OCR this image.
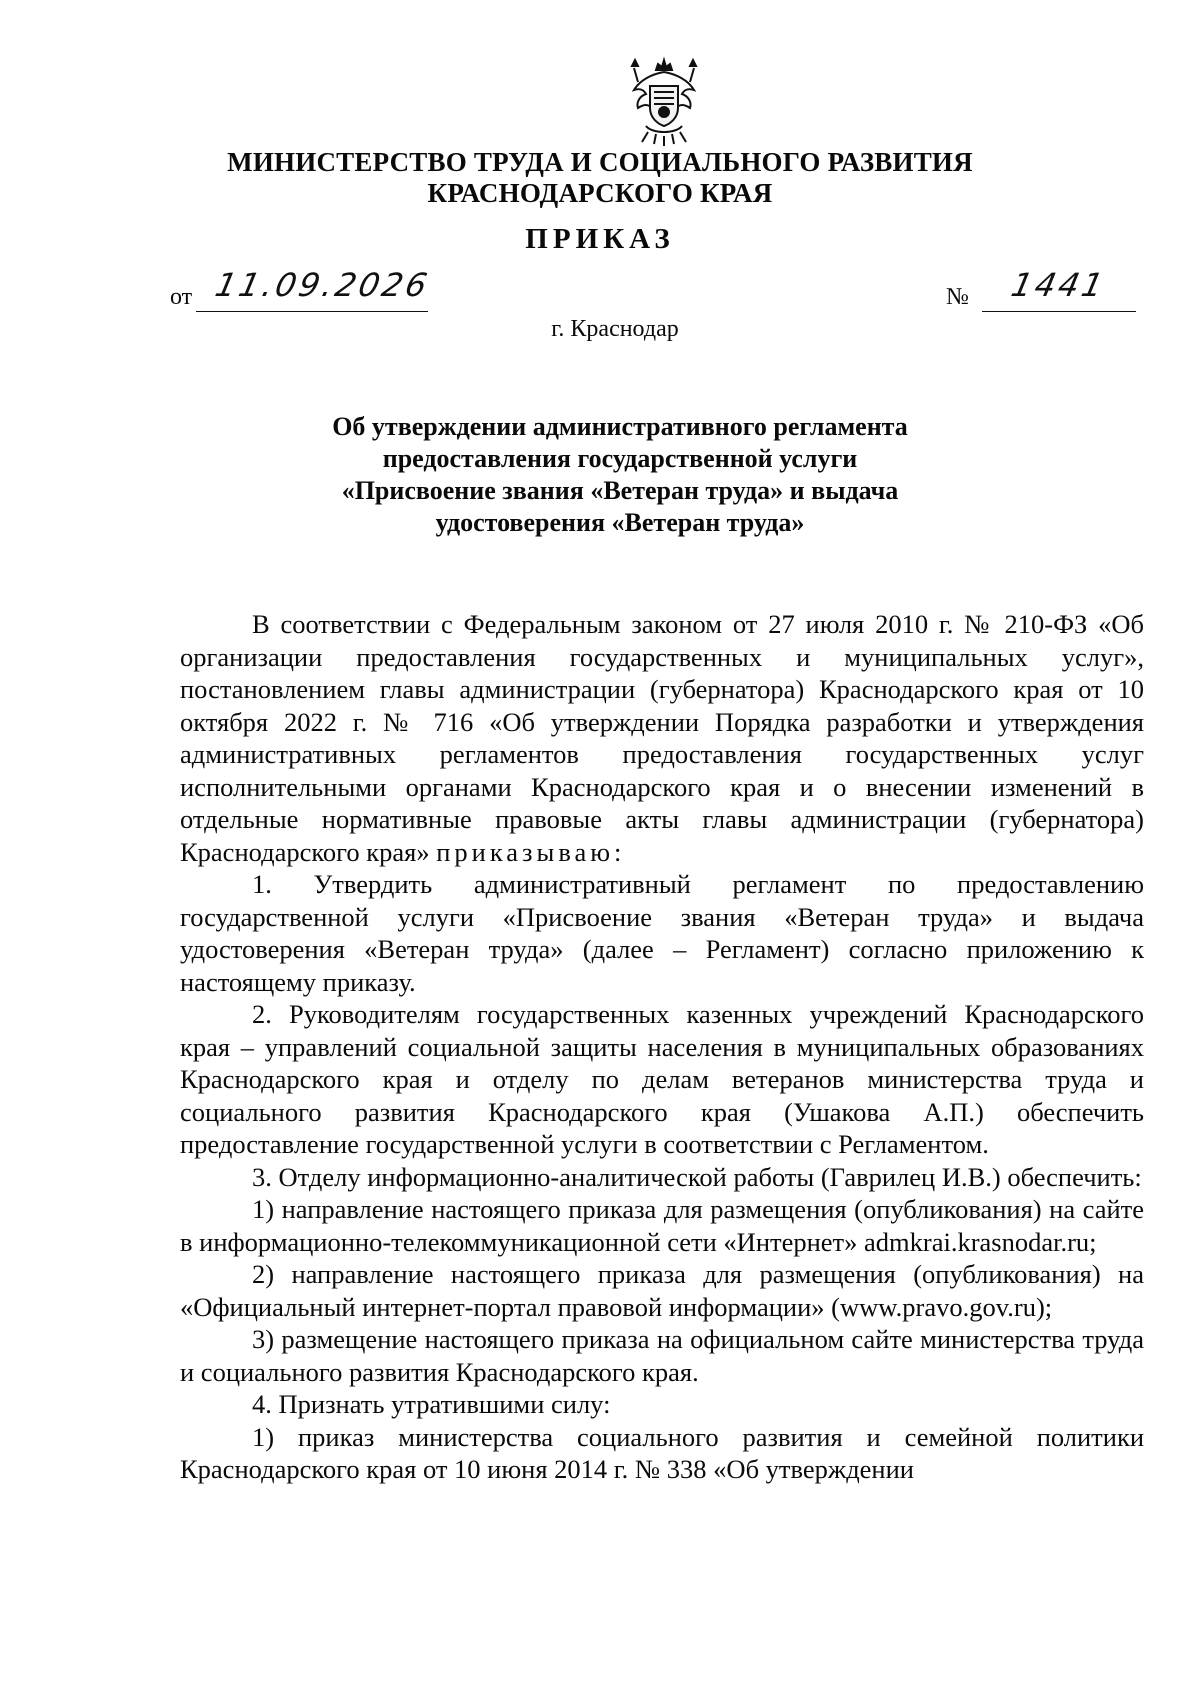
МИНИСТЕРСТВО ТРУДА И СОЦИАЛЬНОГО РАЗВИТИЯ
КРАСНОДАРСКОГО КРАЯ
ПРИКАЗ
от 11.09.2026	№ 1441
г. Краснодар
Об утверждении административного регламента
предоставления государственной услуги
«Присвоение звания «Ветеран труда» и выдача
удостоверения «Ветеран труда»

В соответствии с Федеральным законом от 27 июля 2010 г. № 210-ФЗ «Об организации предоставления государственных и муниципальных услуг», постановлением главы администрации (губернатора) Краснодарского края от 10 октября 2022 г. № 716 «Об утверждении Порядка разработки и утверждения административных регламентов предоставления государственных услуг исполнительными органами Краснодарского края и о внесении изменений в отдельные нормативные правовые акты главы администрации (губернатора) Краснодарского края» приказываю:

1. Утвердить административный регламент по предоставлению государственной услуги «Присвоение звания «Ветеран труда» и выдача удостоверения «Ветеран труда» (далее – Регламент) согласно приложению к настоящему приказу.

2. Руководителям государственных казенных учреждений Краснодарского края – управлений социальной защиты населения в муниципальных образованиях Краснодарского края и отделу по делам ветеранов министерства труда и социального развития Краснодарского края (Ушакова А.П.) обеспечить предоставление государственной услуги в соответствии с Регламентом.

3. Отделу информационно-аналитической работы (Гаврилец И.В.) обеспечить:

1) направление настоящего приказа для размещения (опубликования) на сайте в информационно-телекоммуникационной сети «Интернет» admkrai.krasnodar.ru;

2) направление настоящего приказа для размещения (опубликования) на «Официальный интернет-портал правовой информации» (www.pravo.gov.ru);

3) размещение настоящего приказа на официальном сайте министерства труда и социального развития Краснодарского края.

4. Признать утратившими силу:

1) приказ министерства социального развития и семейной политики Краснодарского края от 10 июня 2014 г. № 338 «Об утверждении
